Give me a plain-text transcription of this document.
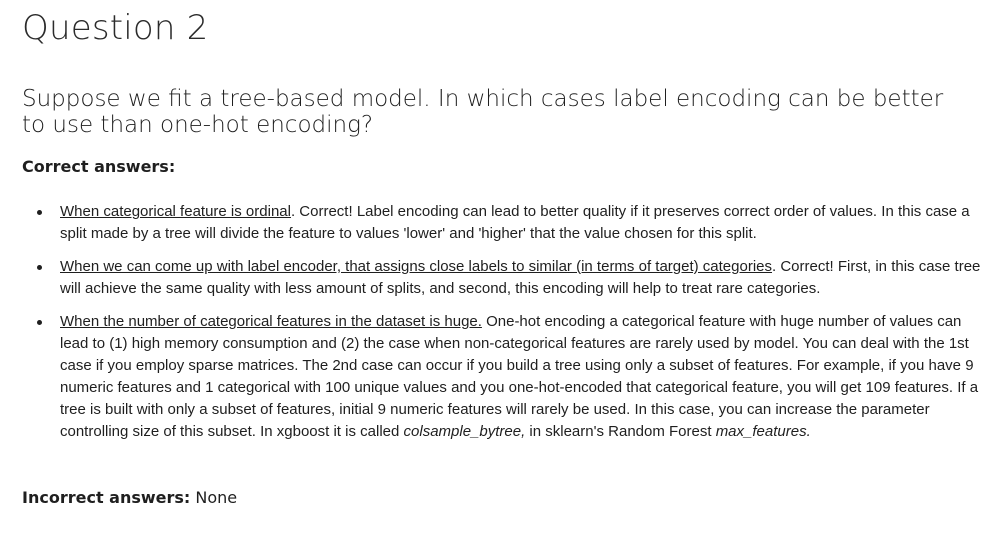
Question 2
Suppose we fit a tree-based model. In which cases label encoding can be better to use than one-hot encoding?
Correct answers:
When categorical feature is ordinal. Correct! Label encoding can lead to better quality if it preserves correct order of values. In this case a split made by a tree will divide the feature to values 'lower' and 'higher' that the value chosen for this split.
When we can come up with label encoder, that assigns close labels to similar (in terms of target) categories. Correct! First, in this case tree will achieve the same quality with less amount of splits, and second, this encoding will help to treat rare categories.
When the number of categorical features in the dataset is huge. One-hot encoding a categorical feature with huge number of values can lead to (1) high memory consumption and (2) the case when non-categorical features are rarely used by model. You can deal with the 1st case if you employ sparse matrices. The 2nd case can occur if you build a tree using only a subset of features. For example, if you have 9 numeric features and 1 categorical with 100 unique values and you one-hot-encoded that categorical feature, you will get 109 features. If a tree is built with only a subset of features, initial 9 numeric features will rarely be used. In this case, you can increase the parameter controlling size of this subset. In xgboost it is called colsample_bytree, in sklearn's Random Forest max_features.
Incorrect answers: None
